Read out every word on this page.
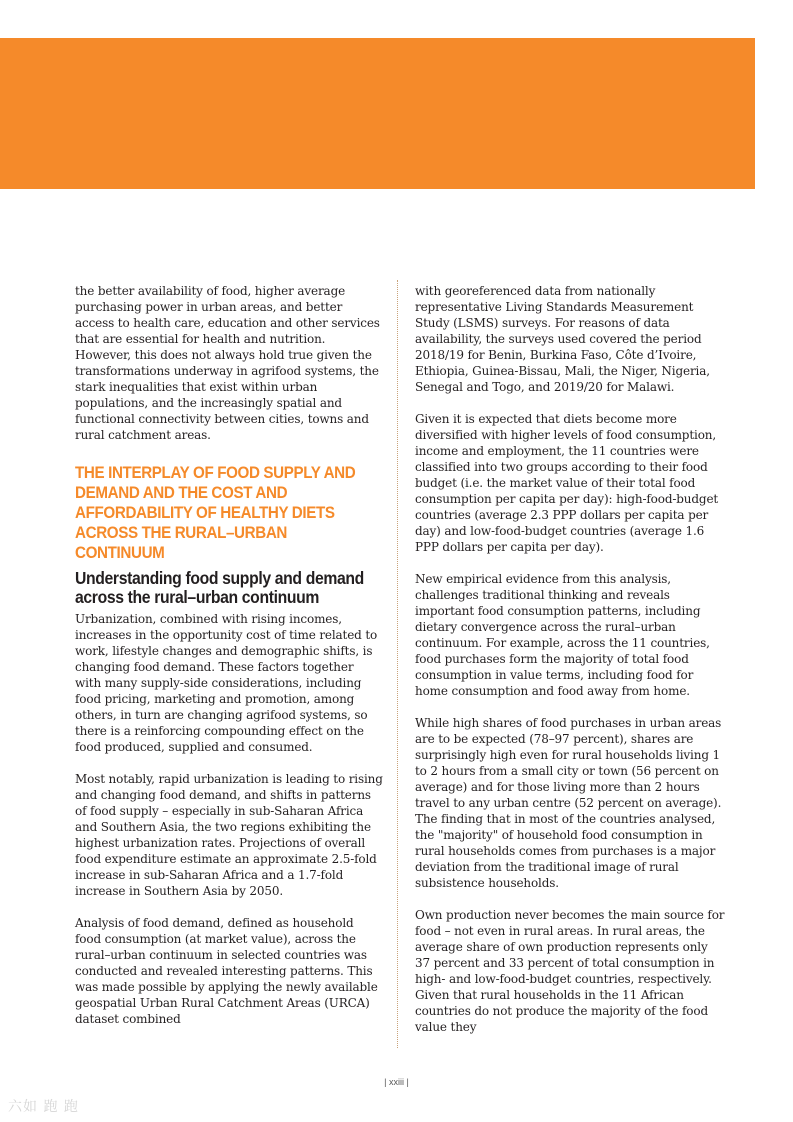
the better availability of food, higher average purchasing power in urban areas, and better access to health care, education and other services that are essential for health and nutrition. However, this does not always hold true given the transformations underway in agrifood systems, the stark inequalities that exist within urban populations, and the increasingly spatial and functional connectivity between cities, towns and rural catchment areas.

THE INTERPLAY OF FOOD SUPPLY AND DEMAND AND THE COST AND AFFORDABILITY OF HEALTHY DIETS ACROSS THE RURAL–URBAN CONTINUUM
Understanding food supply and demand across the rural–urban continuum

Urbanization, combined with rising incomes, increases in the opportunity cost of time related to work, lifestyle changes and demographic shifts, is changing food demand. These factors together with many supply-side considerations, including food pricing, marketing and promotion, among others, in turn are changing agrifood systems, so there is a reinforcing compounding effect on the food produced, supplied and consumed.

Most notably, rapid urbanization is leading to rising and changing food demand, and shifts in patterns of food supply – especially in sub-Saharan Africa and Southern Asia, the two regions exhibiting the highest urbanization rates. Projections of overall food expenditure estimate an approximate 2.5-fold increase in sub-Saharan Africa and a 1.7-fold increase in Southern Asia by 2050.

Analysis of food demand, defined as household food consumption (at market value), across the rural–urban continuum in selected countries was conducted and revealed interesting patterns. This was made possible by applying the newly available geospatial Urban Rural Catchment Areas (URCA) dataset combined

with georeferenced data from nationally representative Living Standards Measurement Study (LSMS) surveys. For reasons of data availability, the surveys used covered the period 2018/19 for Benin, Burkina Faso, Côte d’Ivoire, Ethiopia, Guinea-Bissau, Mali, the Niger, Nigeria, Senegal and Togo, and 2019/20 for Malawi.

Given it is expected that diets become more diversified with higher levels of food consumption, income and employment, the 11 countries were classified into two groups according to their food budget (i.e. the market value of their total food consumption per capita per day): high-food-budget countries (average 2.3 PPP dollars per capita per day) and low-food-budget countries (average 1.6 PPP dollars per capita per day).

New empirical evidence from this analysis, challenges traditional thinking and reveals important food consumption patterns, including dietary convergence across the rural–urban continuum. For example, across the 11 countries, food purchases form the majority of total food consumption in value terms, including food for home consumption and food away from home.

While high shares of food purchases in urban areas are to be expected (78–97 percent), shares are surprisingly high even for rural households living 1 to 2 hours from a small city or town (56 percent on average) and for those living more than 2 hours travel to any urban centre (52 percent on average). The finding that in most of the countries analysed, the "majority" of household food consumption in rural households comes from purchases is a major deviation from the traditional image of rural subsistence households.

Own production never becomes the main source for food – not even in rural areas. In rural areas, the average share of own production represents only 37 percent and 33 percent of total consumption in high- and low-food-budget countries, respectively. Given that rural households in the 11 African countries do not produce the majority of the food value they

| xxiii |
六如 跑 跑
